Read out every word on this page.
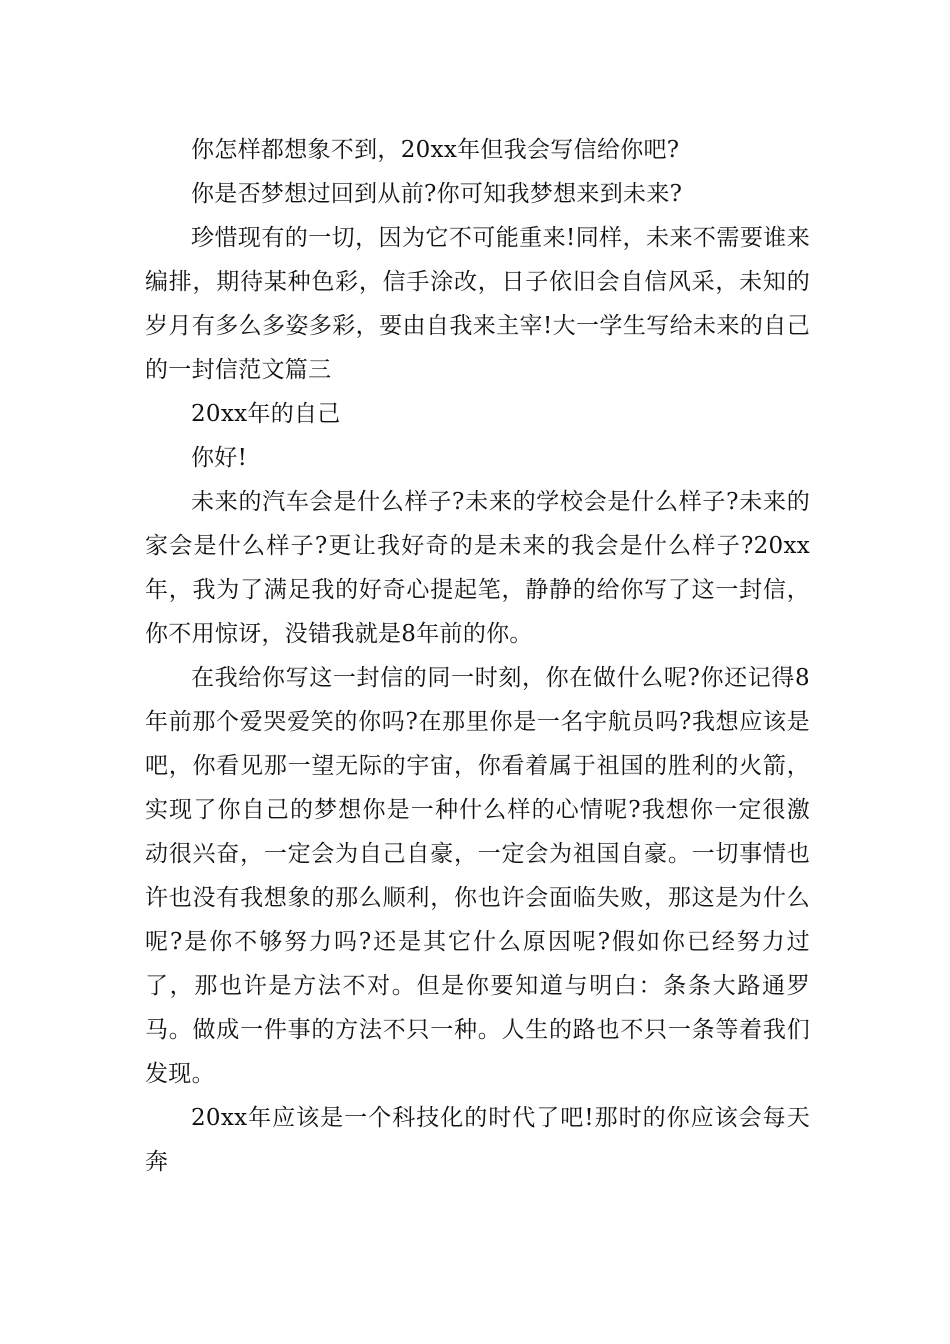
你怎样都想象不到，20xx年但我会写信给你吧?

你是否梦想过回到从前?你可知我梦想来到未来?

珍惜现有的一切，因为它不可能重来!同样，未来不需要谁来编排，期待某种色彩，信手涂改，日子依旧会自信风采，未知的岁月有多么多姿多彩，要由自我来主宰!大一学生写给未来的自己的一封信范文篇三

20xx年的自己

你好!

未来的汽车会是什么样子?未来的学校会是什么样子?未来的家会是什么样子?更让我好奇的是未来的我会是什么样子?20xx年，我为了满足我的好奇心提起笔，静静的给你写了这一封信，你不用惊讶，没错我就是8年前的你。

在我给你写这一封信的同一时刻，你在做什么呢?你还记得8年前那个爱哭爱笑的你吗?在那里你是一名宇航员吗?我想应该是吧，你看见那一望无际的宇宙，你看着属于祖国的胜利的火箭，实现了你自己的梦想你是一种什么样的心情呢?我想你一定很激动很兴奋，一定会为自己自豪，一定会为祖国自豪。一切事情也许也没有我想象的那么顺利，你也许会面临失败，那这是为什么呢?是你不够努力吗?还是其它什么原因呢?假如你已经努力过了，那也许是方法不对。但是你要知道与明白：条条大路通罗马。做成一件事的方法不只一种。人生的路也不只一条等着我们发现。

20xx年应该是一个科技化的时代了吧!那时的你应该会每天奔
